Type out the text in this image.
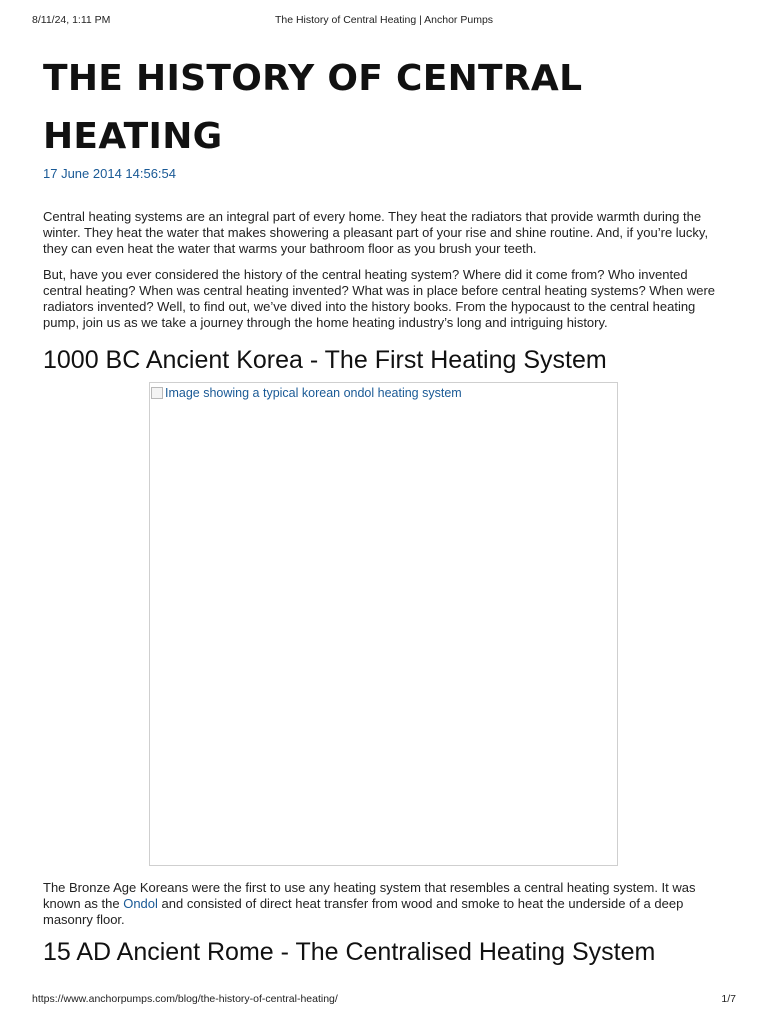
8/11/24, 1:11 PM	The History of Central Heating | Anchor Pumps
THE HISTORY OF CENTRAL HEATING
17 June 2014 14:56:54

Central heating systems are an integral part of every home. They heat the radiators that provide warmth during the winter. They heat the water that makes showering a pleasant part of your rise and shine routine. And, if you’re lucky, they can even heat the water that warms your bathroom floor as you brush your teeth.

But, have you ever considered the history of the central heating system? Where did it come from? Who invented central heating? When was central heating invented? What was in place before central heating systems? When were radiators invented? Well, to find out, we’ve dived into the history books. From the hypocaust to the central heating pump, join us as we take a journey through the home heating industry’s long and intriguing history.

1000 BC Ancient Korea - The First Heating System
Image showing a typical korean ondol heating system

The Bronze Age Koreans were the first to use any heating system that resembles a central heating system. It was known as the Ondol and consisted of direct heat transfer from wood and smoke to heat the underside of a deep masonry floor.

15 AD Ancient Rome - The Centralised Heating System
https://www.anchorpumps.com/blog/the-history-of-central-heating/	1/7
